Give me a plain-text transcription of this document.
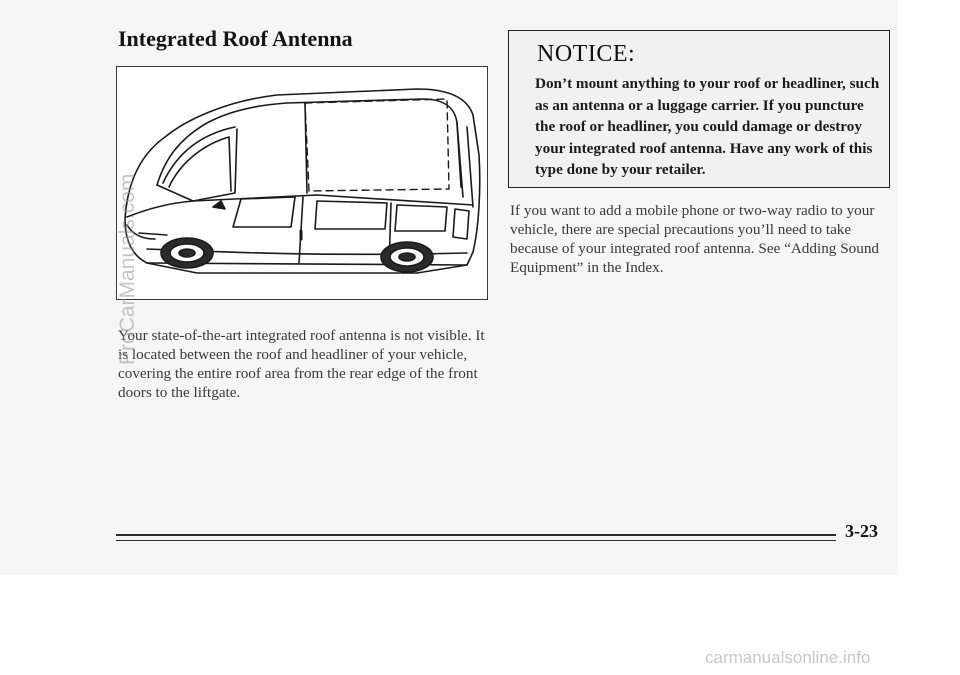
Integrated Roof Antenna

Your state-of-the-art integrated roof antenna is not visible. It is located between the roof and headliner of your vehicle, covering the entire roof area from the rear edge of the front doors to the liftgate.

NOTICE:

Don’t mount anything to your roof or headliner, such as an antenna or a luggage carrier. If you puncture the roof or headliner, you could damage or destroy your integrated roof antenna. Have any work of this type done by your retailer.

If you want to add a mobile phone or two-way radio to your vehicle, there are special precautions you’ll need to take because of your integrated roof antenna. See “Adding Sound Equipment” in the Index.

3-23

ProCarManuals.com
carmanualsonline.info
